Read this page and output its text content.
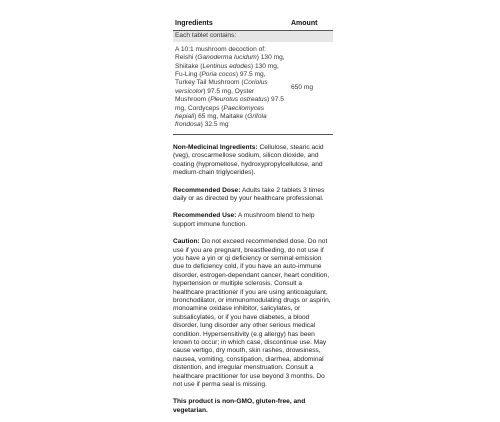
Ingredients	Amount
Each tablet contains:
A 10:1 mushroom decoction of:
Reishi (Ganoderma lucidum) 130 mg, Shiitake (Lentinus edodes) 130 mg, Fu-Ling (Poria cocos) 97.5 mg, Turkey Tail Mushroom (Coriolus versicolor) 97.5 mg, Oyster Mushroom (Pleurotus ostreatus) 97.5 mg, Cordyceps (Paecilomyces hepiali) 65 mg, Maitake (Grifola frondosa) 32.5 mg
650 mg

Non-Medicinal Ingredients: Cellulose, stearic acid (veg), croscarmellose sodium, silicon dioxide, and coating (hypromellose, hydroxypropylcellulose, and medium-chain triglycerides).

Recommended Dose: Adults take 2 tablets 3 times daily or as directed by your healthcare professional.

Recommended Use: A mushroom blend to help support immune function.

Caution: Do not exceed recommended dose. Do not use if you are pregnant, breastfeeding, do not use if you have a yin or qi deficiency or seminal emission due to deficiency cold, if you have an auto-immune disorder, estrogen-dependant cancer, heart condition, hypertension or multiple sclerosis. Consult a healthcare practitioner if you are using anticoagulant, bronchodilator, or immunomodulating drugs or aspirin, monoamine oxidase inhibitor, salicylates, or subsalicylates, or if you have diabetes, a blood disorder, lung disorder any other serious medical condition. Hypersensitivity (e.g allergy) has been known to occur; in which case, discontinue use. May cause vertigo, dry mouth, skin rashes, drowsiness, nausea, vomiting, constipation, diarrhea, abdominal distention, and irregular menstruation. Consult a healthcare practitioner for use beyond 3 months. Do not use if perma seal is missing.

This product is non-GMO, gluten-free, and vegetarian.
